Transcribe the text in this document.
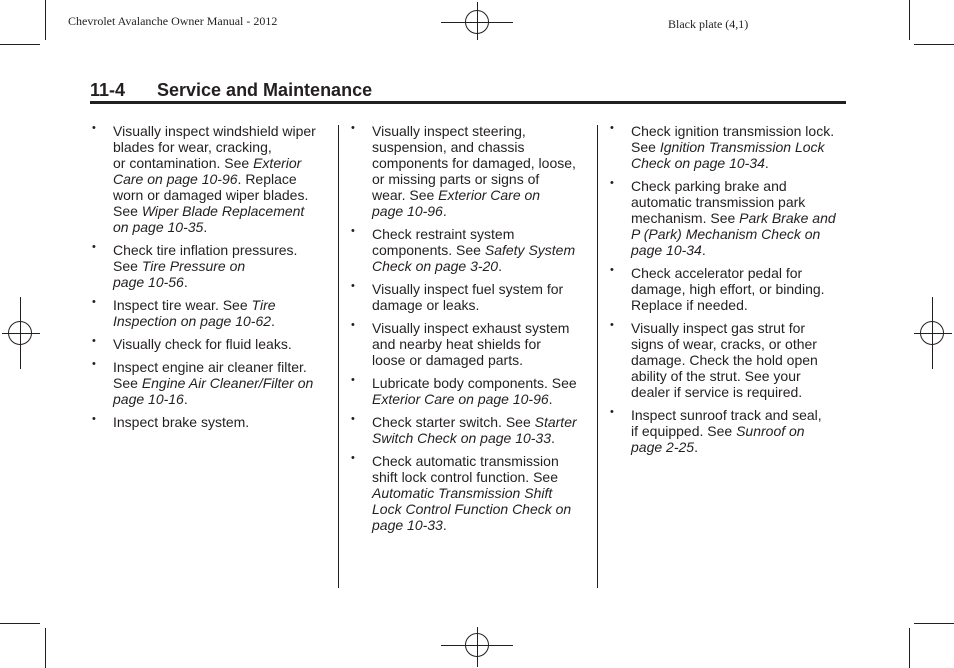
Chevrolet Avalanche Owner Manual - 2012	Black plate (4,1)
11-4 Service and Maintenance
• Visually inspect windshield wiper
blades for wear, cracking,
or contamination. See Exterior
Care on page 10-96. Replace
worn or damaged wiper blades.
See Wiper Blade Replacement
on page 10-35.
• Check tire inflation pressures.
See Tire Pressure on
page 10-56.
• Inspect tire wear. See Tire
Inspection on page 10-62.
• Visually check for fluid leaks.
• Inspect engine air cleaner filter.
See Engine Air Cleaner/Filter on
page 10-16.
• Inspect brake system.
• Visually inspect steering,
suspension, and chassis
components for damaged, loose,
or missing parts or signs of
wear. See Exterior Care on
page 10-96.
• Check restraint system
components. See Safety System
Check on page 3-20.
• Visually inspect fuel system for
damage or leaks.
• Visually inspect exhaust system
and nearby heat shields for
loose or damaged parts.
• Lubricate body components. See
Exterior Care on page 10-96.
• Check starter switch. See Starter
Switch Check on page 10-33.
• Check automatic transmission
shift lock control function. See
Automatic Transmission Shift
Lock Control Function Check on
page 10-33.
• Check ignition transmission lock.
See Ignition Transmission Lock
Check on page 10-34.
• Check parking brake and
automatic transmission park
mechanism. See Park Brake and
P (Park) Mechanism Check on
page 10-34.
• Check accelerator pedal for
damage, high effort, or binding.
Replace if needed.
• Visually inspect gas strut for
signs of wear, cracks, or other
damage. Check the hold open
ability of the strut. See your
dealer if service is required.
• Inspect sunroof track and seal,
if equipped. See Sunroof on
page 2-25.
